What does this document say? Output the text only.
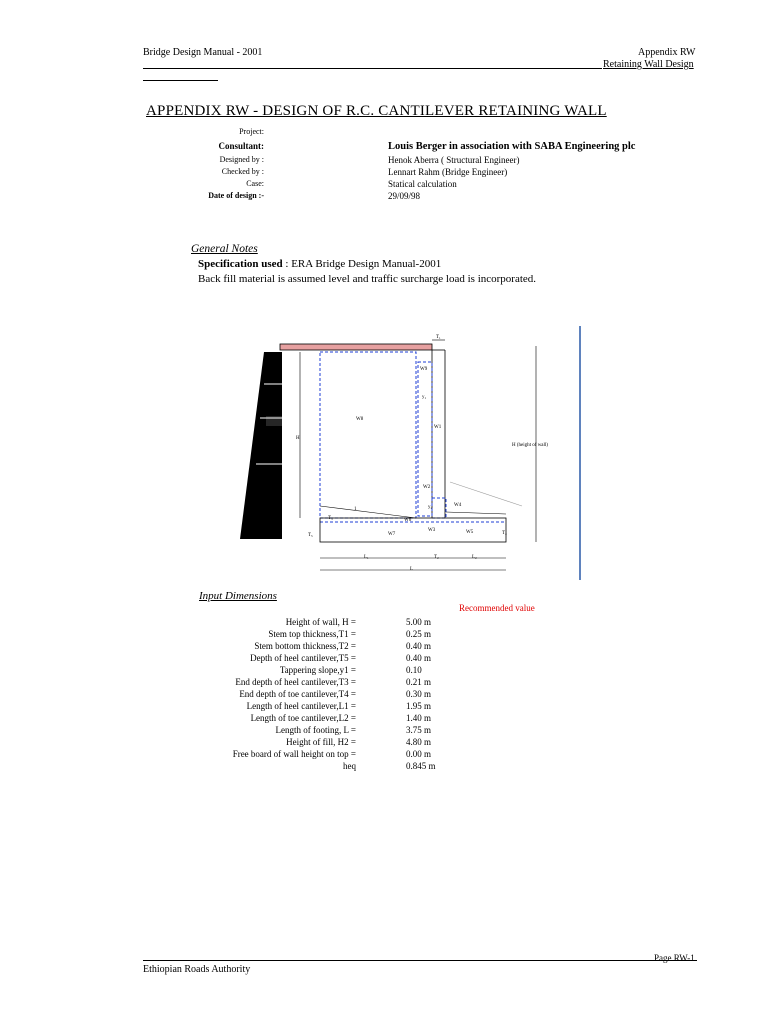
Bridge Design Manual - 2001	Appendix RW
Retaining Wall Design
APPENDIX RW - DESIGN OF R.C. CANTILEVER RETAINING WALL
Project:
Consultant:	Louis Berger in association with SABA Engineering plc
Designed by :	Henok Aberra ( Structural Engineer)
Checked by :	Lennart Rahm (Bridge Engineer)
Case:	Statical calculation
Date of design :-	29/09/98
General Notes
Specification used : ERA Bridge Design Manual-2001
Back fill material is assumed level and traffic surcharge load is incorporated.
H
H (height of wall)
T₁
L₁	T₂	L₂
L
W8
W9
W1
W2
W3
W4
W5
W6
W7
T₅
T₃
T₄
y₁
y₂
1
Input Dimensions
Recommended value
Height of wall, H =	5.00 m
Stem top thickness,T1 =	0.25 m
Stem bottom thickness,T2 =	0.40 m
Depth of heel cantilever,T5 =	0.40 m
Tappering slope,y1 =	0.10
End depth of heel cantilever,T3 =	0.21 m
End depth of toe cantilever,T4 =	0.30 m
Length of heel cantilever,L1 =	1.95 m
Length of toe cantilever,L2 =	1.40 m
Length of footing, L =	3.75 m
Height of fill, H2 =	4.80 m
Free board of wall height on top =	0.00 m
heq	0.845 m
Page RW-1
Ethiopian Roads Authority
